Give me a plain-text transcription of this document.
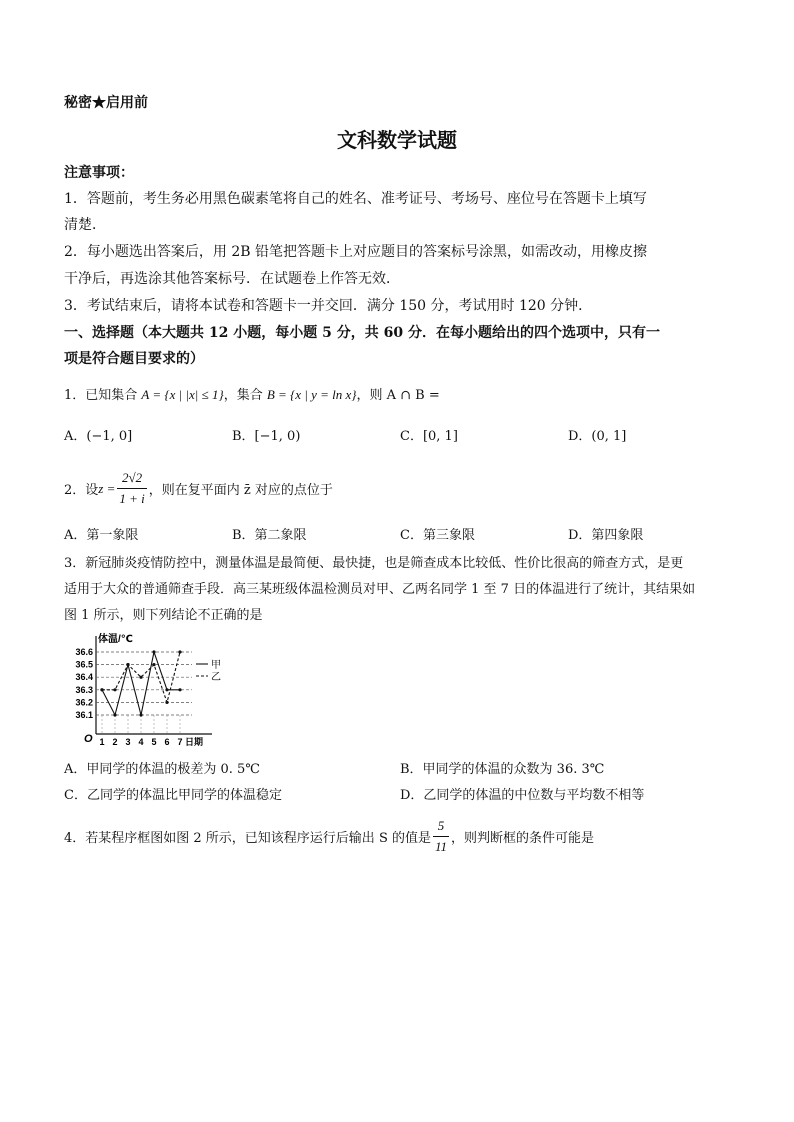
秘密★启用前
文科数学试题
注意事项：
1．答题前，考生务必用黑色碳素笔将自己的姓名、准考证号、考场号、座位号在答题卡上填写
清楚．
2．每小题选出答案后，用 2B 铅笔把答题卡上对应题目的答案标号涂黑，如需改动，用橡皮擦
干净后，再选涂其他答案标号．在试题卷上作答无效．
3．考试结束后，请将本试卷和答题卡一并交回．满分 150 分，考试用时 120 分钟．
一、选择题（本大题共 12 小题，每小题 5 分，共 60 分．在每小题给出的四个选项中，只有一
项是符合题目要求的）
1．已知集合 A = {x | |x| ≤ 1}，集合 B = {x | y = ln x}，则 A ∩ B =
A．(−1, 0]	B．[−1, 0)	C．[0, 1]	D．(0, 1]
2．设 $z = \frac{2√2}{1 + i}$ ，则在复平面内 z̄ 对应的点位于
A．第一象限	B．第二象限	C．第三象限	D．第四象限
3．新冠肺炎疫情防控中，测量体温是最简便、最快捷，也是筛查成本比较低、性价比很高的筛查方式，是更
适用于大众的普通筛查手段．高三某班级体温检测员对甲、乙两名同学 1 至 7 日的体温进行了统计，其结果如
图 1 所示，则下列结论不正确的是
体温/℃
O
36.1
36.2
36.3
36.4
36.5
36.6
1 2 3 4 5 6 7 日期
甲
乙
A．甲同学的体温的极差为 0. 5℃	B．甲同学的体温的众数为 36. 3℃
C．乙同学的体温比甲同学的体温稳定	D．乙同学的体温的中位数与平均数不相等
4．若某程序框图如图 2 所示，已知该程序运行后输出 S 的值是 $\frac{5}{11}$ ，则判断框的条件可能是
